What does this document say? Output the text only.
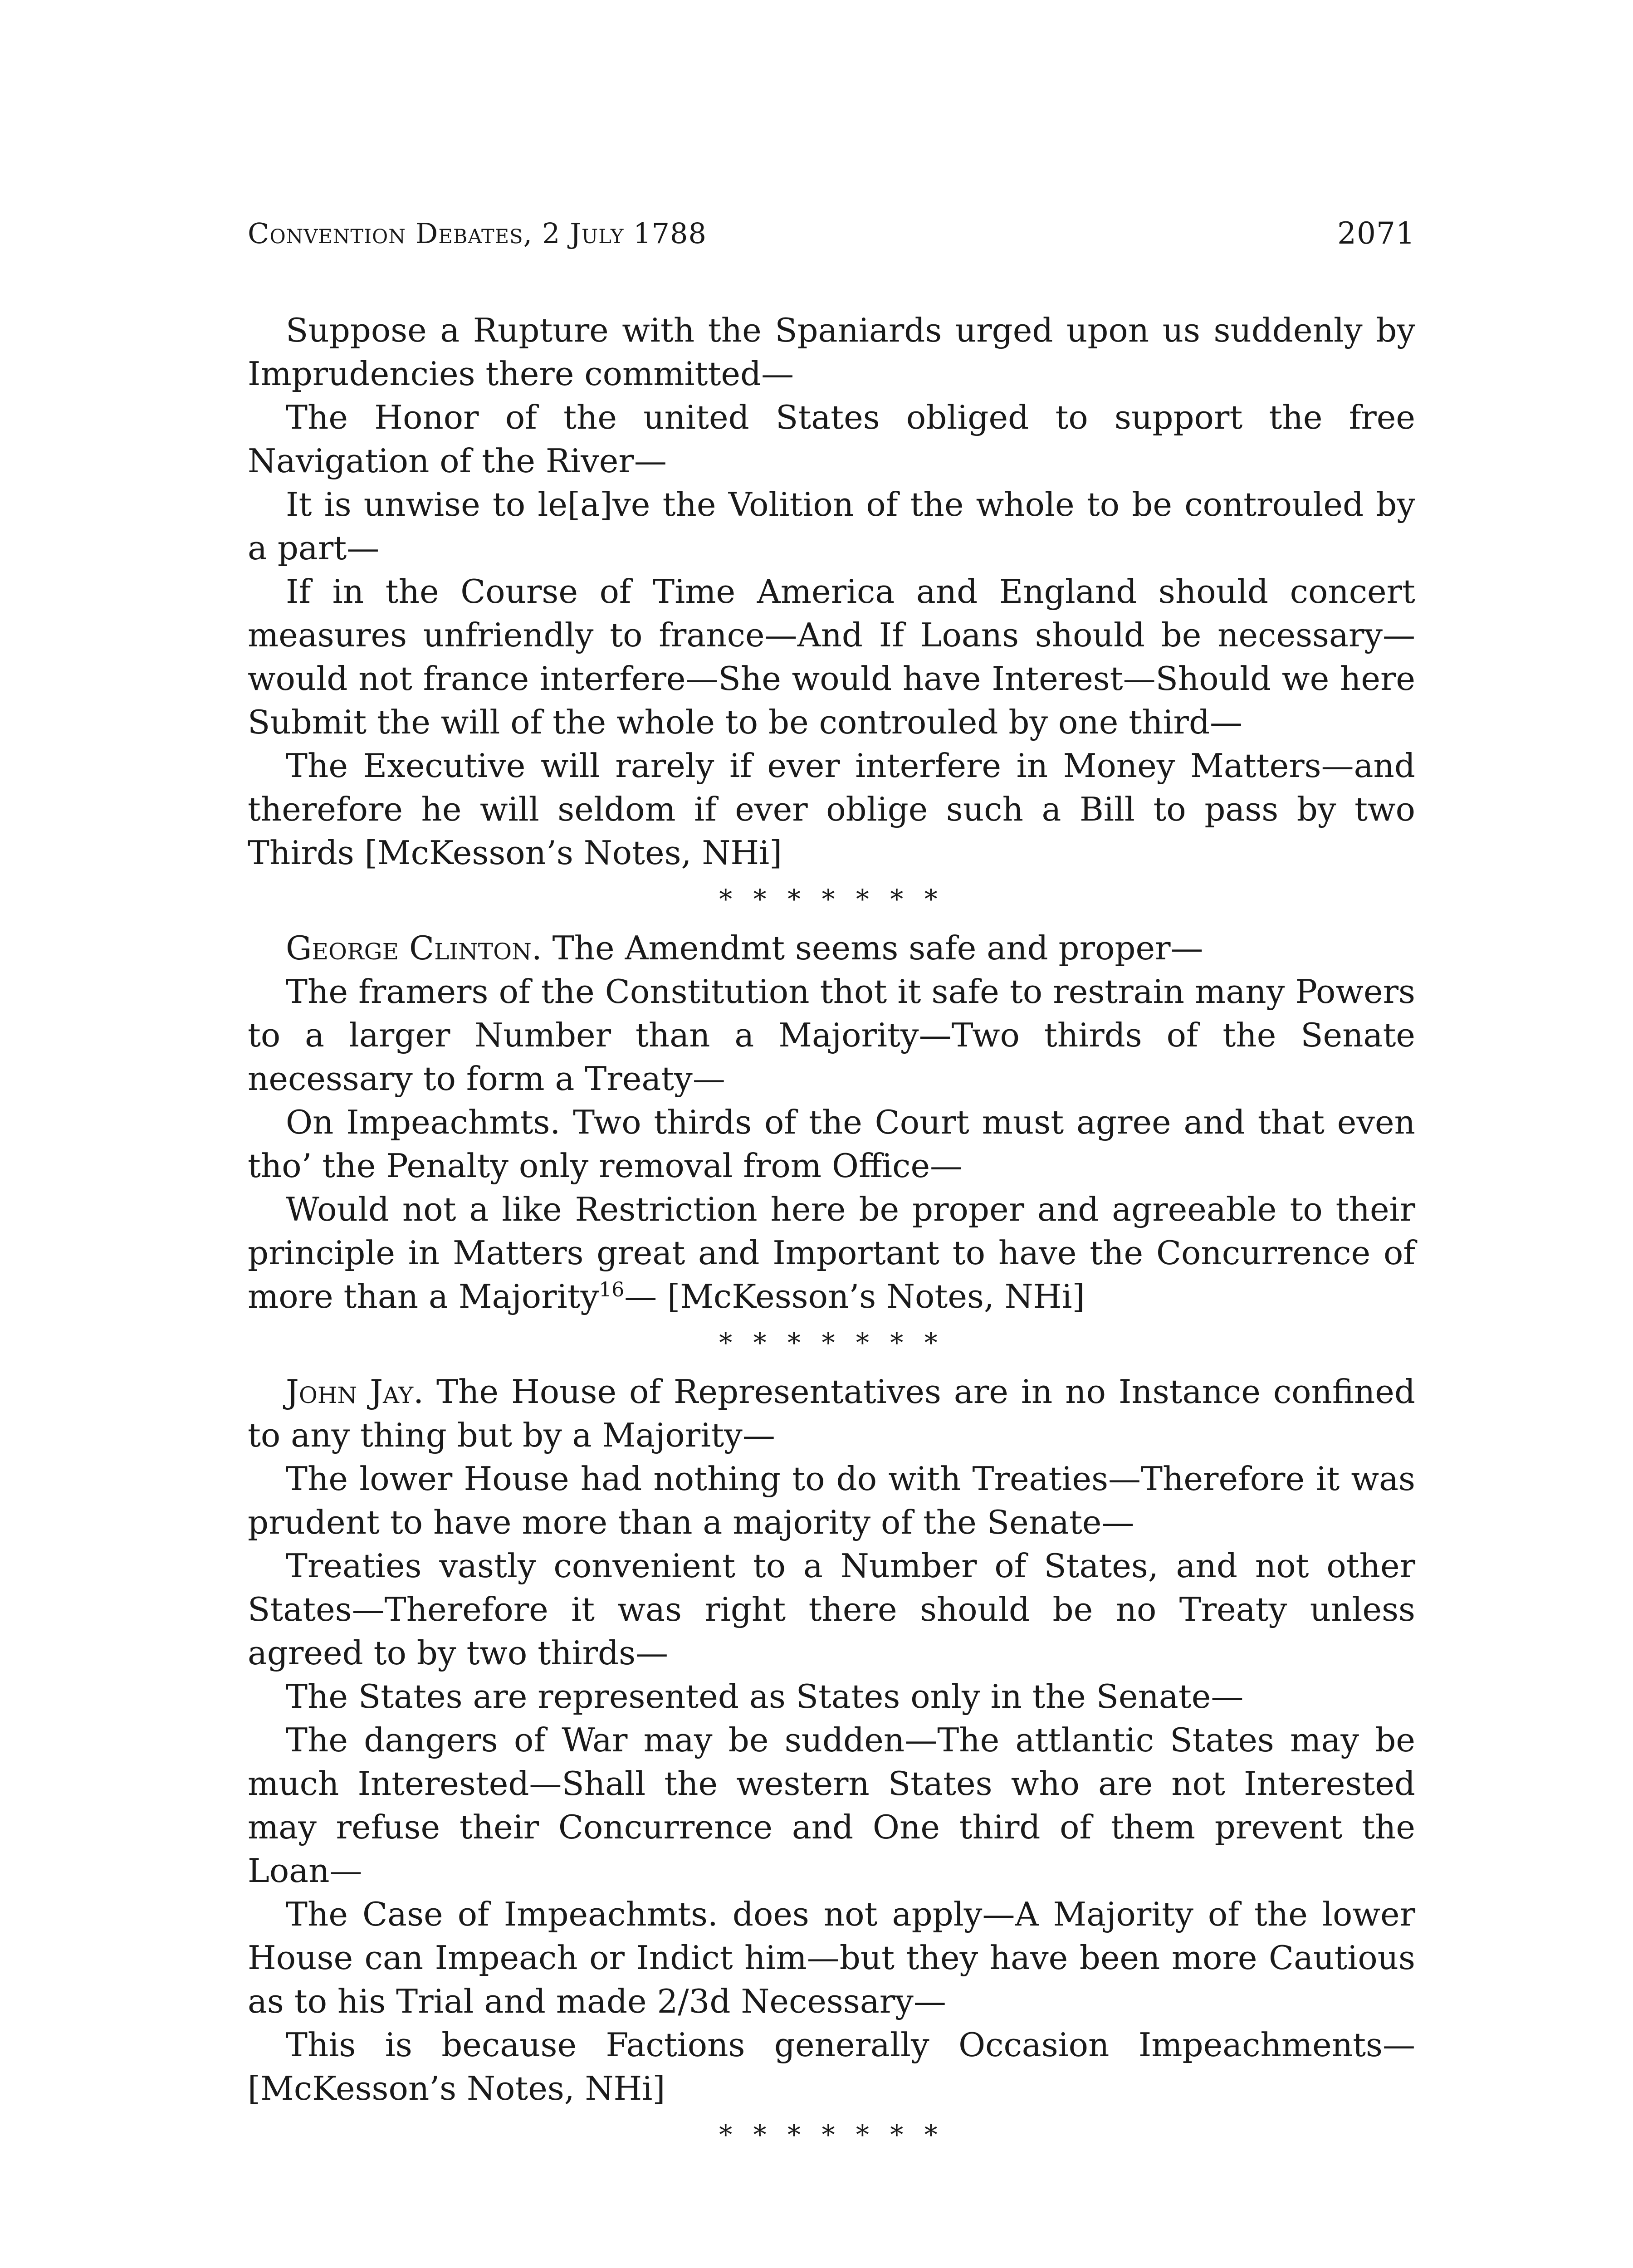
Convention Debates, 2 July 1788	2071

Suppose a Rupture with the Spaniards urged upon us suddenly by Imprudencies there committed—

The Honor of the united States obliged to support the free Navigation of the River—

It is unwise to le[a]ve the Volition of the whole to be controuled by a part—

If in the Course of Time America and England should concert measures unfriendly to france—And If Loans should be necessary—would not france interfere—She would have Interest—Should we here Submit the will of the whole to be controuled by one third—

The Executive will rarely if ever interfere in Money Matters—and therefore he will seldom if ever oblige such a Bill to pass by two Thirds [McKesson’s Notes, NHi]

* * * * * * *

George Clinton. The Amendmt seems safe and proper—

The framers of the Constitution thot it safe to restrain many Powers to a larger Number than a Majority—Two thirds of the Senate necessary to form a Treaty—

On Impeachmts. Two thirds of the Court must agree and that even tho’ the Penalty only removal from Office—

Would not a like Restriction here be proper and agreeable to their principle in Matters great and Important to have the Concurrence of more than a Majority$^{16}$— [McKesson’s Notes, NHi]

* * * * * * *

John Jay. The House of Representatives are in no Instance confined to any thing but by a Majority—

The lower House had nothing to do with Treaties—Therefore it was prudent to have more than a majority of the Senate—

Treaties vastly convenient to a Number of States, and not other States—Therefore it was right there should be no Treaty unless agreed to by two thirds—

The States are represented as States only in the Senate—

The dangers of War may be sudden—The attlantic States may be much Interested—Shall the western States who are not Interested may refuse their Concurrence and One third of them prevent the Loan—

The Case of Impeachmts. does not apply—A Majority of the lower House can Impeach or Indict him—but they have been more Cautious as to his Trial and made 2/3d Necessary—

This is because Factions generally Occasion Impeachments— [McKesson’s Notes, NHi]

* * * * * * *
